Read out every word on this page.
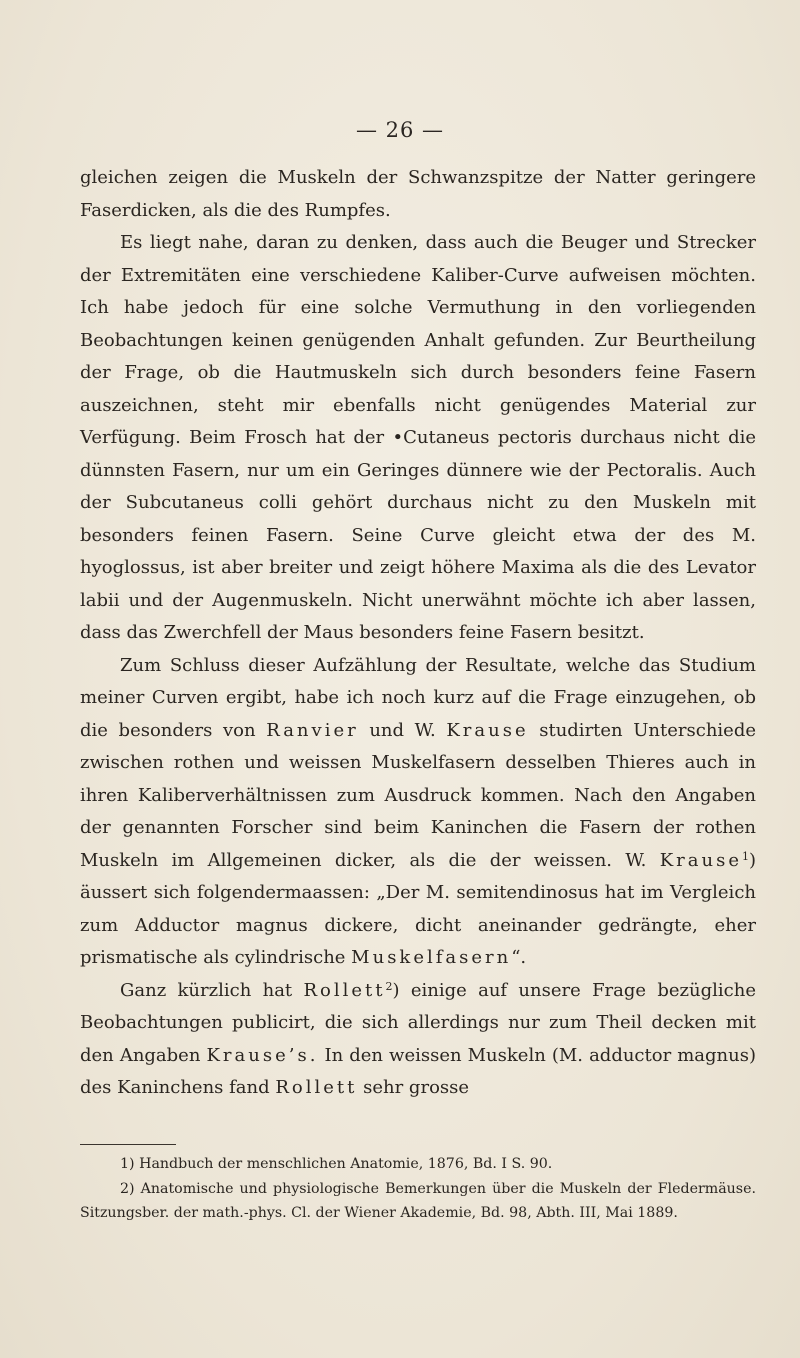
— 26 —

gleichen zeigen die Muskeln der Schwanzspitze der Natter geringere Faserdicken, als die des Rumpfes.

Es liegt nahe, daran zu denken, dass auch die Beuger und Strecker der Extremitäten eine verschiedene Kaliber-Curve aufweisen möchten. Ich habe jedoch für eine solche Vermuthung in den vorliegenden Beobachtungen keinen genügenden Anhalt gefunden. Zur Beurtheilung der Frage, ob die Hautmuskeln sich durch besonders feine Fasern auszeichnen, steht mir ebenfalls nicht genügendes Material zur Verfügung. Beim Frosch hat der •Cutaneus pectoris durchaus nicht die dünnsten Fasern, nur um ein Geringes dünnere wie der Pectoralis. Auch der Subcutaneus colli gehört durchaus nicht zu den Muskeln mit besonders feinen Fasern. Seine Curve gleicht etwa der des M. hyoglossus, ist aber breiter und zeigt höhere Maxima als die des Levator labii und der Augenmuskeln. Nicht unerwähnt möchte ich aber lassen, dass das Zwerchfell der Maus besonders feine Fasern besitzt.

Zum Schluss dieser Aufzählung der Resultate, welche das Studium meiner Curven ergibt, habe ich noch kurz auf die Frage einzugehen, ob die besonders von Ranvier und W. Krause studirten Unterschiede zwischen rothen und weissen Muskelfasern desselben Thieres auch in ihren Kaliberverhältnissen zum Ausdruck kommen. Nach den Angaben der genannten Forscher sind beim Kaninchen die Fasern der rothen Muskeln im Allgemeinen dicker, als die der weissen. W. Krause$^1$) äussert sich folgendermaassen: „Der M. semitendinosus hat im Vergleich zum Adductor magnus dickere, dicht aneinander gedrängte, eher prismatische als cylindrische Muskelfasern“.

Ganz kürzlich hat Rollett$^2$) einige auf unsere Frage bezügliche Beobachtungen publicirt, die sich allerdings nur zum Theil decken mit den Angaben Krause’s. In den weissen Muskeln (M. adductor magnus) des Kaninchens fand Rollett sehr grosse

1) Handbuch der menschlichen Anatomie, 1876, Bd. I S. 90.

2) Anatomische und physiologische Bemerkungen über die Muskeln der Fledermäuse. Sitzungsber. der math.-phys. Cl. der Wiener Akademie, Bd. 98, Abth. III, Mai 1889.
